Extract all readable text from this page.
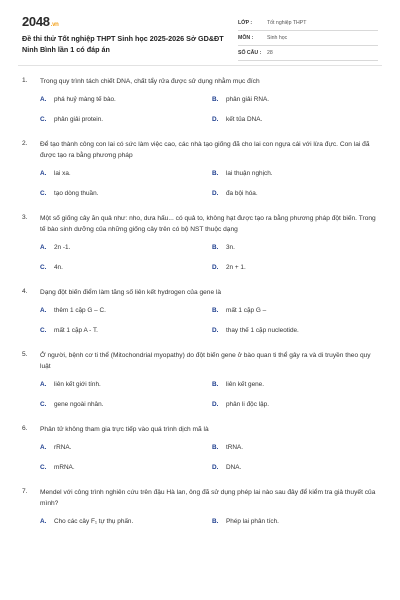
2048.vn
Đề thi thử Tốt nghiệp THPT Sinh học 2025-2026 Sở GD&ĐT Ninh Bình lần 1 có đáp án
LỚP :	Tốt nghiệp THPT
MÔN :	Sinh học
SỐ CÂU :	28
1. Trong quy trình tách chiết DNA, chất tẩy rửa được sử dụng nhằm mục đích
A. phá huỷ màng tế bào.	B. phân giải RNA.
C. phân giải protein.	D. kết tủa DNA.
2. Để tạo thành công con lai có sức làm việc cao, các nhà tạo giống đã cho lai con ngựa cái với lừa đực. Con lai đã được tạo ra bằng phương pháp
A. lai xa.	B. lai thuận nghịch.
C. tạo dòng thuần.	D. đa bội hóa.
3. Một số giống cây ăn quả như: nho, dưa hấu... có quả to, không hạt được tạo ra bằng phương pháp đột biến. Trong tế bào sinh dưỡng của những giống cây trên có bộ NST thuộc dạng
A. 2n -1.	B. 3n.
C. 4n.	D. 2n + 1.
4. Dạng đột biến điểm làm tăng số liên kết hydrogen của gene là
A. thêm 1 cặp G – C.	B. mất 1 cặp G –
C. mất 1 cặp A - T.	D. thay thế 1 cặp nucleotide.
5. Ở người, bệnh cơ ti thể (Mitochondrial myopathy) do đột biến gene ở bào quan ti thể gây ra và di truyền theo quy luật
A. liên kết giới tính.	B. liên kết gene.
C. gene ngoài nhân.	D. phân li độc lập.
6. Phân tử không tham gia trực tiếp vào quá trình dịch mã là
A. rRNA.	B. tRNA.
C. mRNA.	D. DNA.
7. Mendel với công trình nghiên cứu trên đậu Hà lan, ông đã sử dụng phép lai nào sau đây để kiểm tra giả thuyết của mình?
A. Cho các cây F₁ tự thụ phấn.	B. Phép lai phân tích.
